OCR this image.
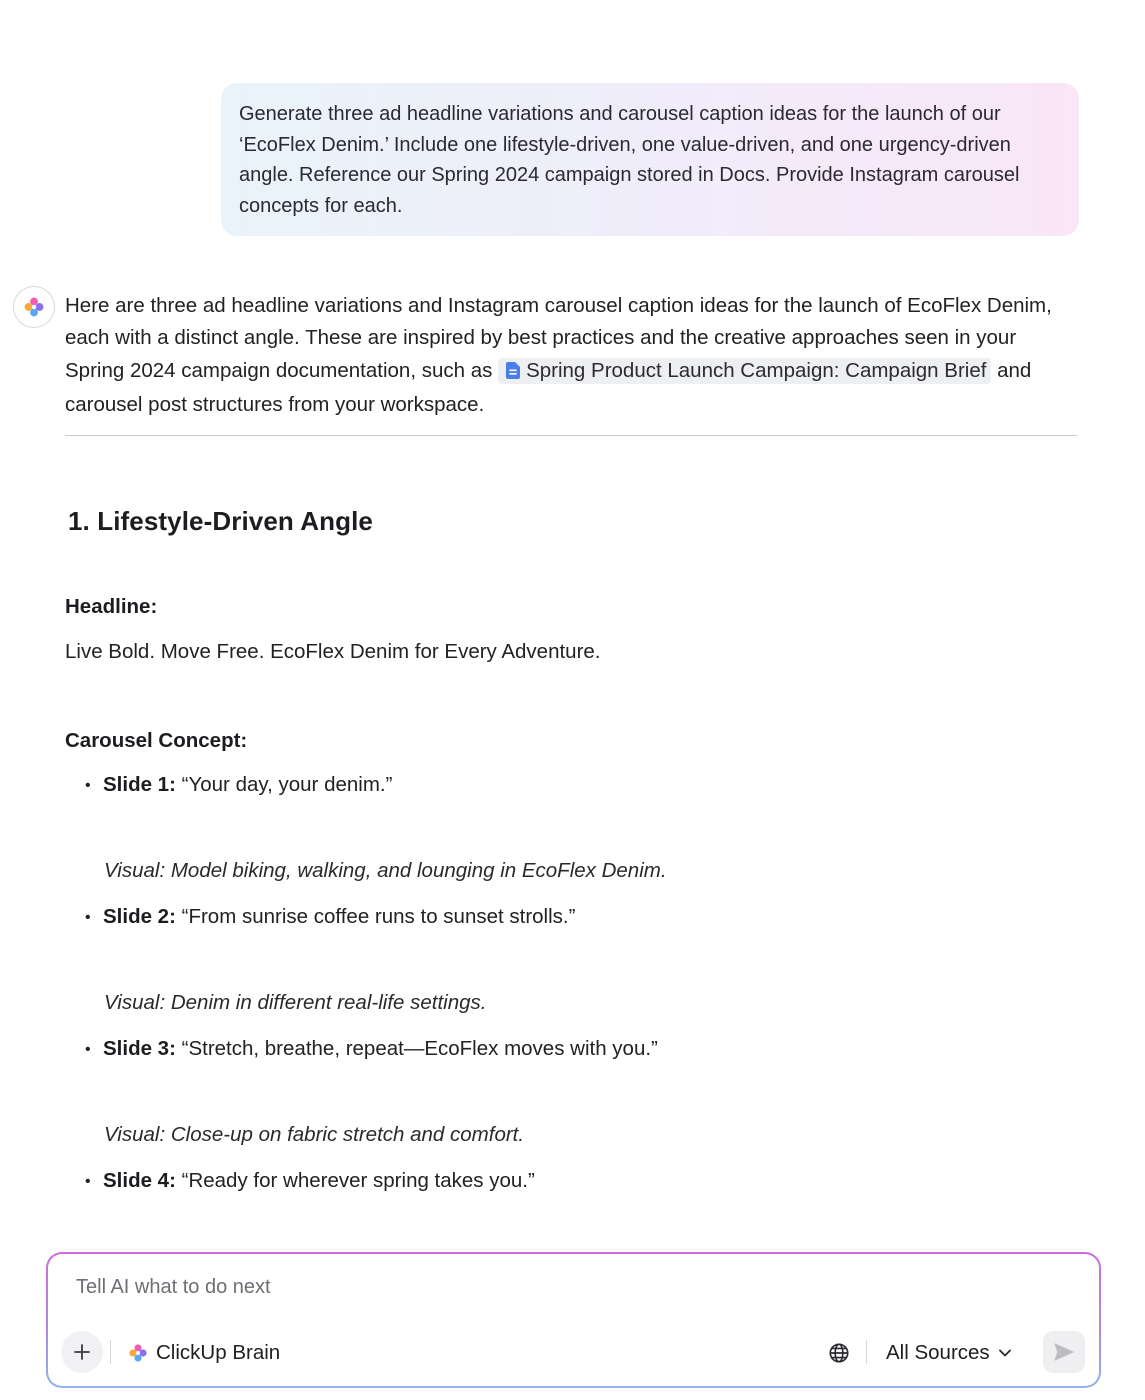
Generate three ad headline variations and carousel caption ideas for the launch of our ‘EcoFlex Denim.’ Include one lifestyle-driven, one value-driven, and one urgency-driven angle. Reference our Spring 2024 campaign stored in Docs. Provide Instagram carousel concepts for each.
Here are three ad headline variations and Instagram carousel caption ideas for the launch of EcoFlex Denim, each with a distinct angle. These are inspired by best practices and the creative approaches seen in your Spring 2024 campaign documentation, such as Spring Product Launch Campaign: Campaign Brief and carousel post structures from your workspace.
1. Lifestyle-Driven Angle
Headline:
Live Bold. Move Free. EcoFlex Denim for Every Adventure.
Carousel Concept:
• Slide 1: “Your day, your denim.”
Visual: Model biking, walking, and lounging in EcoFlex Denim.
• Slide 2: “From sunrise coffee runs to sunset strolls.”
Visual: Denim in different real-life settings.
• Slide 3: “Stretch, breathe, repeat—EcoFlex moves with you.”
Visual: Close-up on fabric stretch and comfort.
• Slide 4: “Ready for wherever spring takes you.”
Tell AI what to do next
ClickUp Brain	All Sources
